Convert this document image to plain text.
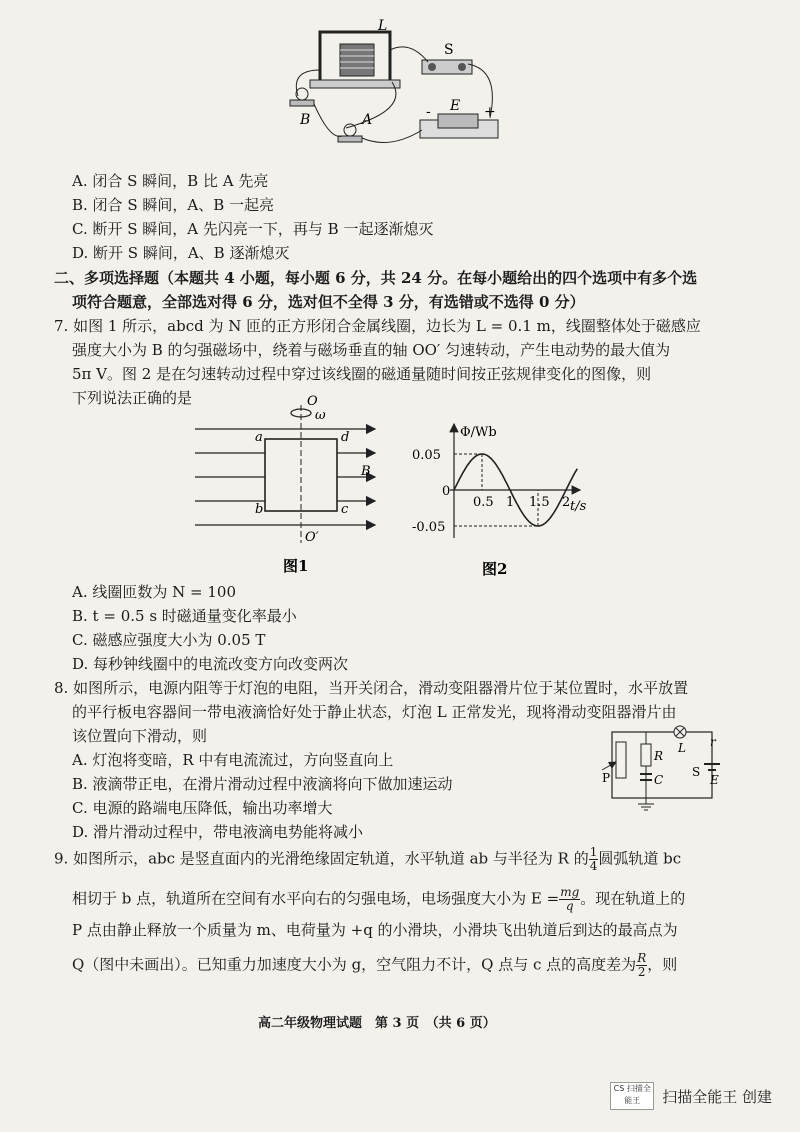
L
S
E
-	+
B	A
A. 闭合 S 瞬间，B 比 A 先亮
B. 闭合 S 瞬间，A、B 一起亮
C. 断开 S 瞬间，A 先闪亮一下，再与 B 一起逐渐熄灭
D. 断开 S 瞬间，A、B 逐渐熄灭
二、多项选择题（本题共 4 小题，每小题 6 分，共 24 分。在每小题给出的四个选项中有多个选
项符合题意，全部选对得 6 分，选对但不全得 3 分，有选错或不选得 0 分）
7. 如图 1 所示，abcd 为 N 匝的正方形闭合金属线圈，边长为 L = 0.1 m，线圈整体处于磁感应
强度大小为 B 的匀强磁场中，绕着与磁场垂直的轴 OO′ 匀速转动，产生电动势的最大值为
5π V。图 2 是在匀速转动过程中穿过该线圈的磁通量随时间按正弦规律变化的图像，则
下列说法正确的是	O
ω
a	d
b	c
B
O′
图1
Φ/Wb
t/s
0
0.05
-0.05
0.5 1 1.5 2
图2
A. 线圈匝数为 N = 100
B. t = 0.5 s 时磁通量变化率最小
C. 磁感应强度大小为 0.05 T
D. 每秒钟线圈中的电流改变方向改变两次
8. 如图所示，电源内阻等于灯泡的电阻，当开关闭合，滑动变阻器滑片位于某位置时，水平放置
的平行板电容器间一带电液滴恰好处于静止状态，灯泡 L 正常发光，现将滑动变阻器滑片由
该位置向下滑动，则
A. 灯泡将变暗，R 中有电流流过，方向竖直向上
B. 液滴带正电，在滑片滑动过程中液滴将向下做加速运动
C. 电源的路端电压降低，输出功率增大
D. 滑片滑动过程中，带电液滴电势能将减小
P
R
C
L r
E
S
9. 如图所示，abc 是竖直面内的光滑绝缘固定轨道，水平轨道 ab 与半径为 R 的 $\frac{1}{4}$ 圆弧轨道 bc
相切于 b 点，轨道所在空间有水平向右的匀强电场，电场强度大小为 $E = \frac{mg}{q}$ 。现在轨道上的
P 点由静止释放一个质量为 m、电荷量为 +q 的小滑块，小滑块飞出轨道后到达的最高点为
Q（图中未画出）。已知重力加速度大小为 g，空气阻力不计，Q 点与 c 点的高度差为 $\frac{R}{2}$ ，则
高二年级物理试题　第 3 页　（共 6 页）
CS 扫描全能王	扫描全能王 创建
